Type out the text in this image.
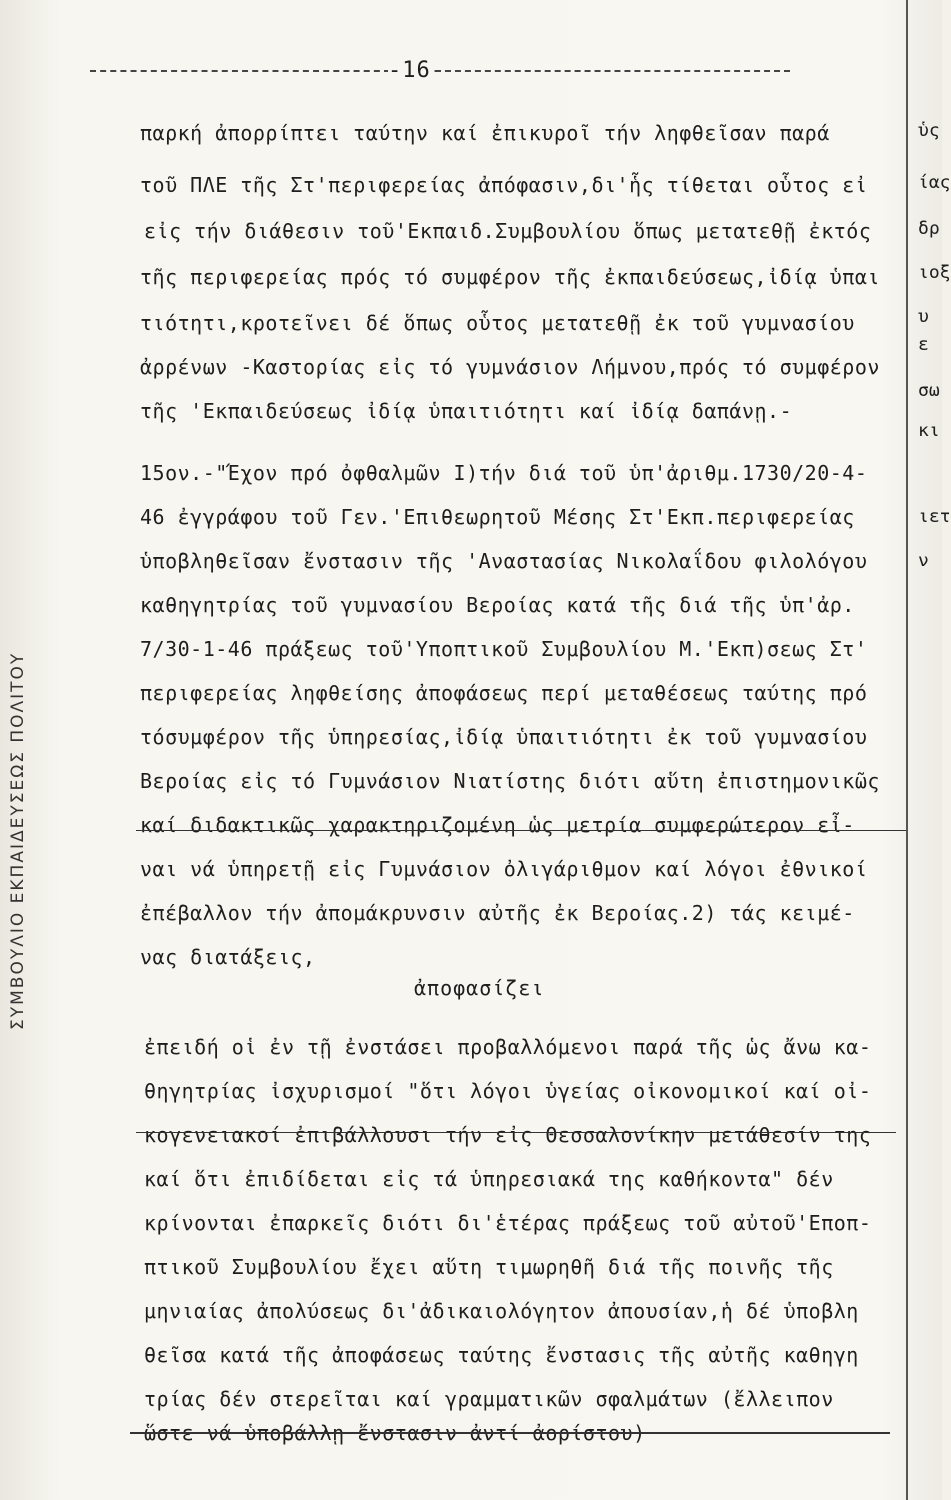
-16-
παρκή ἀπορρίπτει ταύτην καί ἐπικυροῖ τήν ληφθεῖσαν παρά
τοῦ ΠΛΕ τῆς Στ'περιφερείας ἀπόφασιν,δι'ἧς τίθεται οὗτος εἰ
εἰς τήν διάθεσιν τοῦ'Εκπαιδ.Συμβουλίου ὅπως μετατεθῇ ἐκτός
τῆς περιφερείας πρός τό συμφέρον τῆς ἐκπαιδεύσεως,ἰδίᾳ ὑπαι
τιότητι,κροτεῖνει δέ ὅπως οὗτος μετατεθῇ ἐκ τοῦ γυμνασίου
ἀρρένων -Καστορίας εἰς τό γυμνάσιον Λήμνου,πρός τό συμφέρον
τῆς 'Εκπαιδεύσεως ἰδίᾳ ὑπαιτιότητι καί ἰδίᾳ δαπάνῃ.-
15ον.-"Έχον πρό ὀφθαλμῶν I)τήν διά τοῦ ὑπ'ἀριθμ.1730/20-4-
46 ἐγγράφου τοῦ Γεν.'Επιθεωρητοῦ Μέσης Στ'Εκπ.περιφερείας
ὑποβληθεῖσαν ἔνστασιν τῆς 'Αναστασίας Νικολαΐδου φιλολόγου
καθηγητρίας τοῦ γυμνασίου Βεροίας κατά τῆς διά τῆς ὑπ'ἀρ.
7/30-1-46 πράξεως τοῦ'Υποπτικοῦ Συμβουλίου Μ.'Εκπ)σεως Στ'
περιφερείας ληφθείσης ἀποφάσεως περί μεταθέσεως ταύτης πρό
τόσυμφέρον τῆς ὑπηρεσίας,ἰδίᾳ ὑπαιτιότητι ἐκ τοῦ γυμνασίου
Βεροίας εἰς τό Γυμνάσιον Νιατίστης διότι αὕτη ἐπιστημονικῶς
καί διδακτικῶς χαρακτηριζομένη ὡς μετρία συμφερώτερον εἶ-
ναι νά ὑπηρετῇ εἰς Γυμνάσιον ὀλιγάριθμον καί λόγοι ἐθνικοί
ἐπέβαλλον τήν ἀπομάκρυνσιν αὐτῆς ἐκ Βεροίας.2) τάς κειμέ-
νας διατάξεις,
ἐπειδή οἱ ἐν τῇ ἐνστάσει προβαλλόμενοι παρά τῆς ὡς ἄνω κα-
θηγητρίας ἰσχυρισμοί "ὅτι λόγοι ὑγείας οἰκονομικοί καί οἰ-
κογενειακοί ἐπιβάλλουσι τήν εἰς Θεσσαλονίκην μετάθεσίν της
καί ὅτι ἐπιδίδεται εἰς τά ὑπηρεσιακά της καθήκοντα" δέν
κρίνονται ἐπαρκεῖς διότι δι'ἑτέρας πράξεως τοῦ αὐτοῦ'Εποπ-
πτικοῦ Συμβουλίου ἔχει αὕτη τιμωρηθῆ διά τῆς ποινῆς τῆς
μηνιαίας ἀπολύσεως δι'ἀδικαιολόγητον ἀπουσίαν,ἡ δέ ὑποβλη
θεῖσα κατά τῆς ἀποφάσεως ταύτης ἔνστασις τῆς αὐτῆς καθηγη
τρίας δέν στερεῖται καί γραμματικῶν σφαλμάτων (ἔλλειπον
ὥστε νά ὑποβάλλῃ ἔνστασιν ἀντί ἀορίστου)
ἀποφασίζει
ὑς
ίας
δρ
ιοξ
υ
ε
σω
κι
ιετ
ν
ΣΥΜΒΟΥΛΙΟ ΕΚΠΑΙΔΕΥΣΕΩΣ ΠΟΛΙΤΟΥ
